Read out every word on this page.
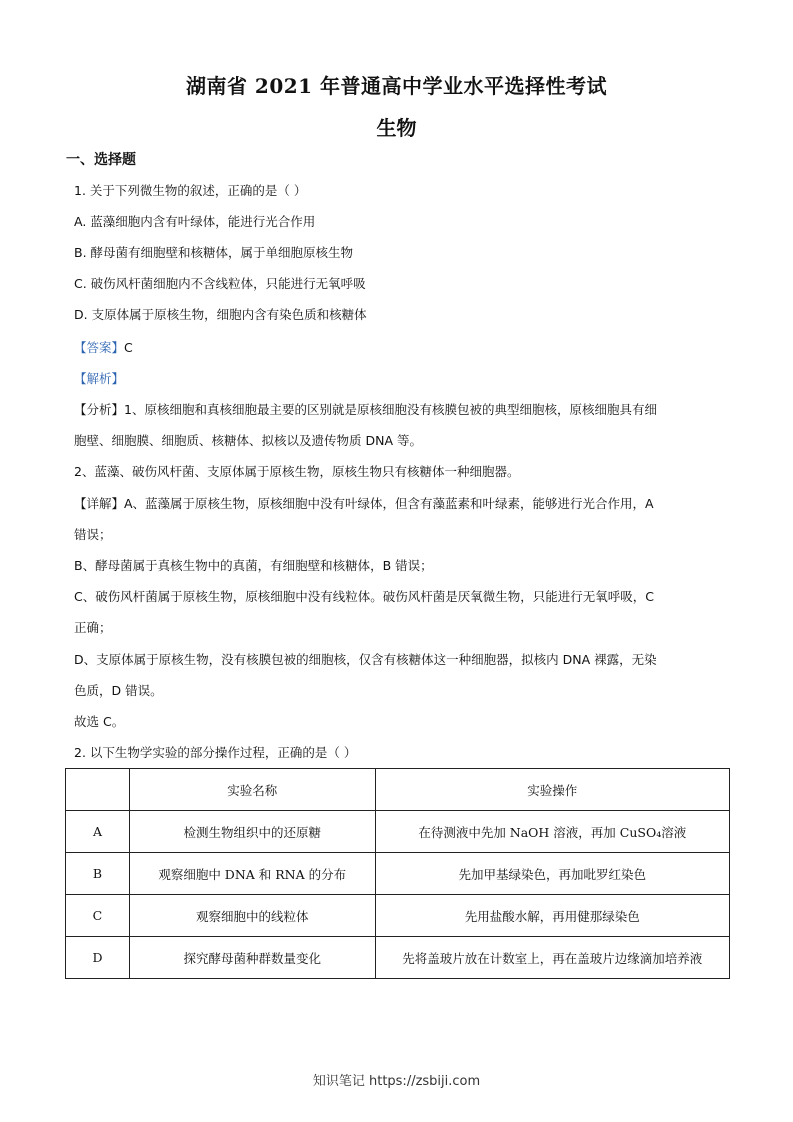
湖南省 2021 年普通高中学业水平选择性考试
生物
一、选择题
1. 关于下列微生物的叙述，正确的是（ ）
A. 蓝藻细胞内含有叶绿体，能进行光合作用
B. 酵母菌有细胞壁和核糖体，属于单细胞原核生物
C. 破伤风杆菌细胞内不含线粒体，只能进行无氧呼吸
D. 支原体属于原核生物，细胞内含有染色质和核糖体
【答案】C
【解析】
【分析】1、原核细胞和真核细胞最主要的区别就是原核细胞没有核膜包被的典型细胞核，原核细胞具有细
胞壁、细胞膜、细胞质、核糖体、拟核以及遗传物质 DNA 等。
2、蓝藻、破伤风杆菌、支原体属于原核生物，原核生物只有核糖体一种细胞器。
【详解】A、蓝藻属于原核生物，原核细胞中没有叶绿体，但含有藻蓝素和叶绿素，能够进行光合作用，A
错误；
B、酵母菌属于真核生物中的真菌，有细胞壁和核糖体，B 错误；
C、破伤风杆菌属于原核生物，原核细胞中没有线粒体。破伤风杆菌是厌氧微生物，只能进行无氧呼吸，C
正确；
D、支原体属于原核生物，没有核膜包被的细胞核，仅含有核糖体这一种细胞器，拟核内 DNA 裸露，无染
色质，D 错误。
故选 C。
2. 以下生物学实验的部分操作过程，正确的是（ ）
	实验名称	实验操作
A	检测生物组织中的还原糖	在待测液中先加 NaOH 溶液，再加 CuSO₄溶液
B	观察细胞中 DNA 和 RNA 的分布	先加甲基绿染色，再加吡罗红染色
C	观察细胞中的线粒体	先用盐酸水解，再用健那绿染色
D	探究酵母菌种群数量变化	先将盖玻片放在计数室上，再在盖玻片边缘滴加培养液
知识笔记 https://zsbiji.com
